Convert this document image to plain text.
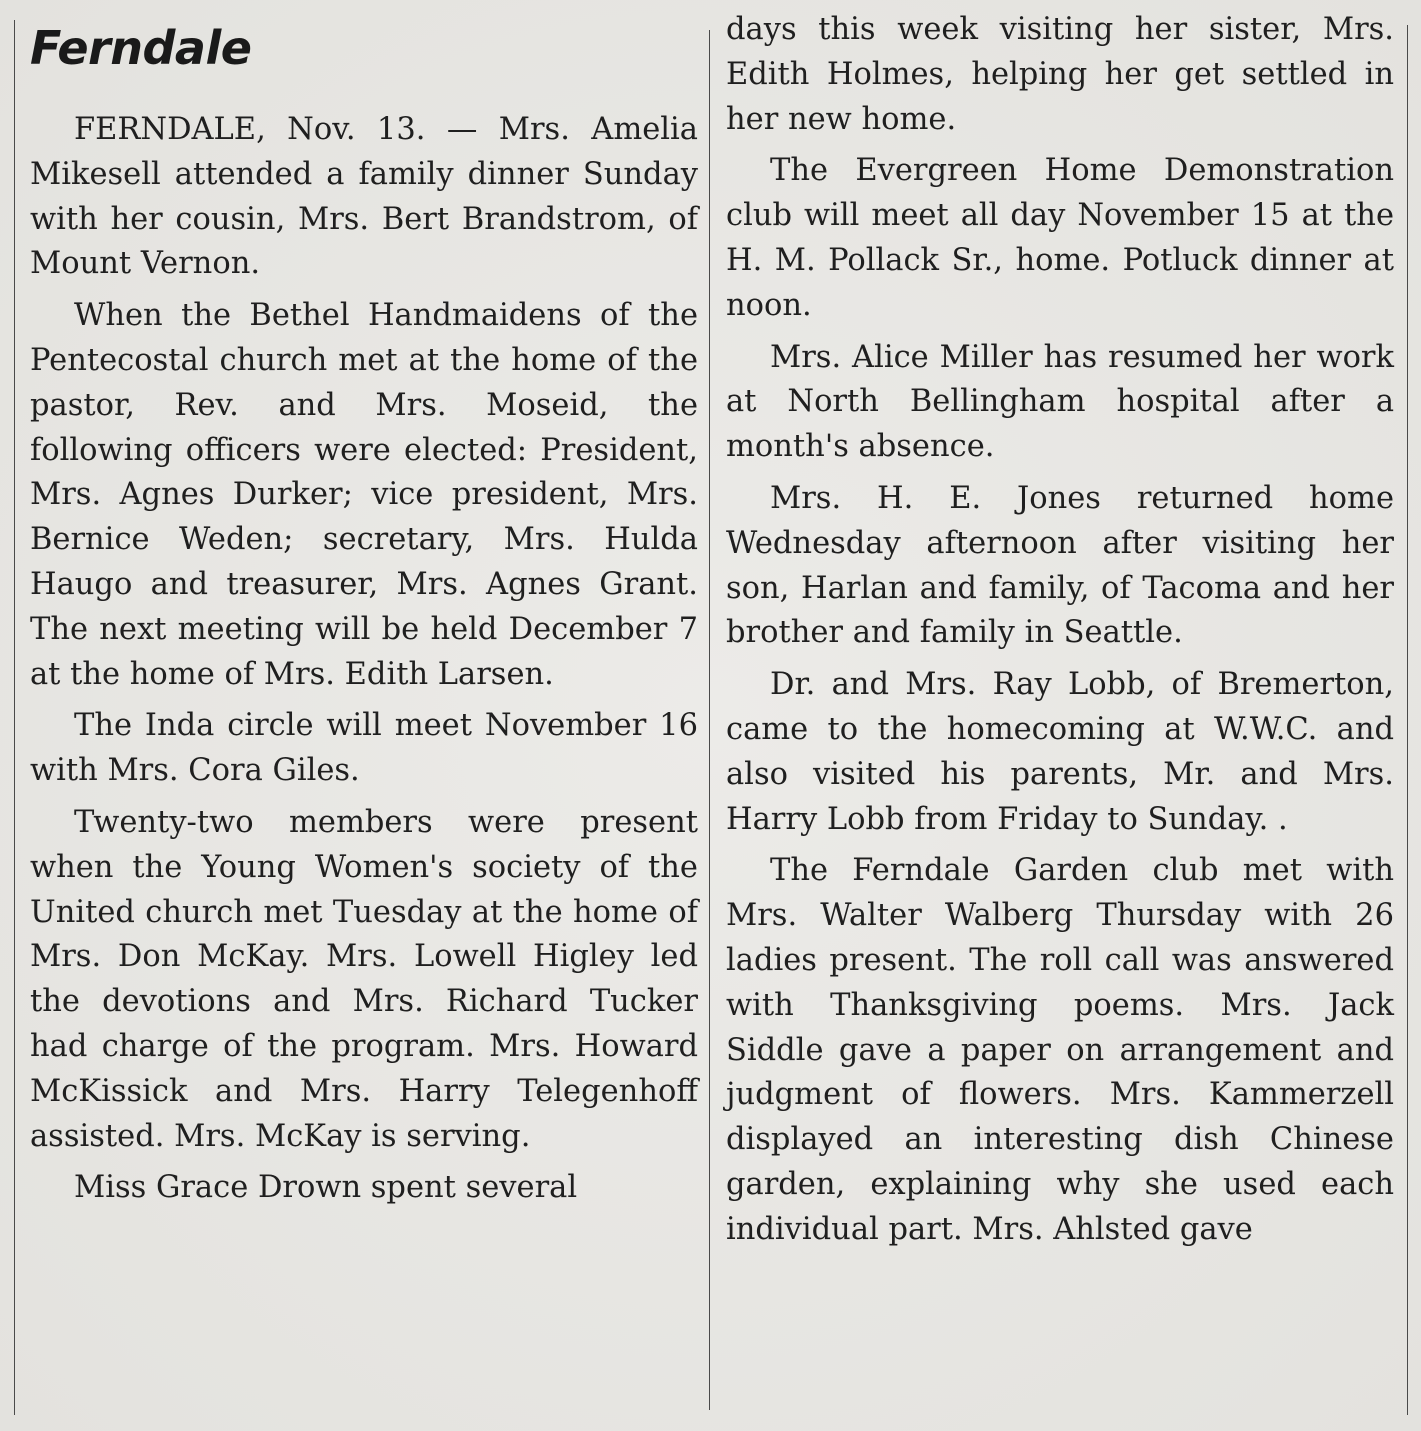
Ferndale

FERNDALE, Nov. 13. — Mrs. Amelia Mikesell attended a family dinner Sunday with her cousin, Mrs. Bert Brandstrom, of Mount Vernon.

When the Bethel Handmaidens of the Pentecostal church met at the home of the pastor, Rev. and Mrs. Moseid, the following officers were elected: President, Mrs. Agnes Durker; vice president, Mrs. Bernice Weden; secretary, Mrs. Hulda Haugo and treasurer, Mrs. Agnes Grant. The next meeting will be held December 7 at the home of Mrs. Edith Larsen.

The Inda circle will meet November 16 with Mrs. Cora Giles.

Twenty-two members were present when the Young Women's society of the United church met Tuesday at the home of Mrs. Don McKay. Mrs. Lowell Higley led the devotions and Mrs. Richard Tucker had charge of the program. Mrs. Howard McKissick and Mrs. Harry Telegenhoff assisted. Mrs. McKay is serving.

Miss Grace Drown spent several

days this week visiting her sister, Mrs. Edith Holmes, helping her get settled in her new home.

The Evergreen Home Demonstration club will meet all day November 15 at the H. M. Pollack Sr., home. Potluck dinner at noon.

Mrs. Alice Miller has resumed her work at North Bellingham hospital after a month's absence.

Mrs. H. E. Jones returned home Wednesday afternoon after visiting her son, Harlan and family, of Tacoma and her brother and family in Seattle.

Dr. and Mrs. Ray Lobb, of Bremerton, came to the homecoming at W.W.C. and also visited his parents, Mr. and Mrs. Harry Lobb from Friday to Sunday. .

The Ferndale Garden club met with Mrs. Walter Walberg Thursday with 26 ladies present. The roll call was answered with Thanksgiving poems. Mrs. Jack Siddle gave a paper on arrangement and judgment of flowers. Mrs. Kammerzell displayed an interesting dish Chinese garden, explaining why she used each individual part. Mrs. Ahlsted gave
